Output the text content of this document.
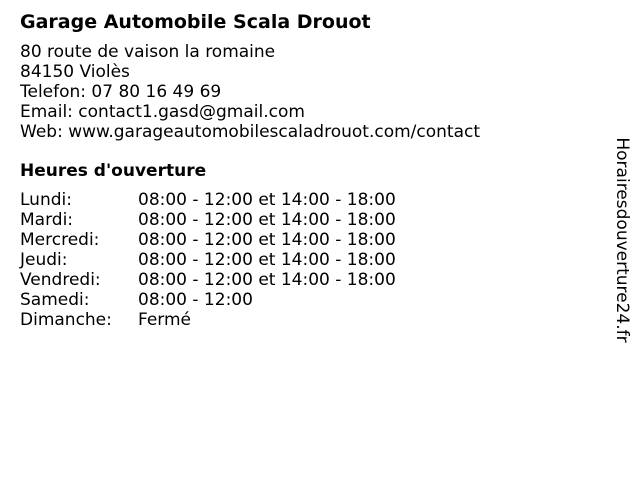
Garage Automobile Scala Drouot
80 route de vaison la romaine
84150 Violès
Telefon: 07 80 16 49 69
Email: contact1.gasd@gmail.com
Web: www.garageautomobilescaladrouot.com/contact
Heures d'ouverture
Lundi:	08:00 - 12:00 et 14:00 - 18:00
Mardi:	08:00 - 12:00 et 14:00 - 18:00
Mercredi:	08:00 - 12:00 et 14:00 - 18:00
Jeudi:	08:00 - 12:00 et 14:00 - 18:00
Vendredi:	08:00 - 12:00 et 14:00 - 18:00
Samedi:	08:00 - 12:00
Dimanche:	Fermé	Horairesdouverture24.fr
